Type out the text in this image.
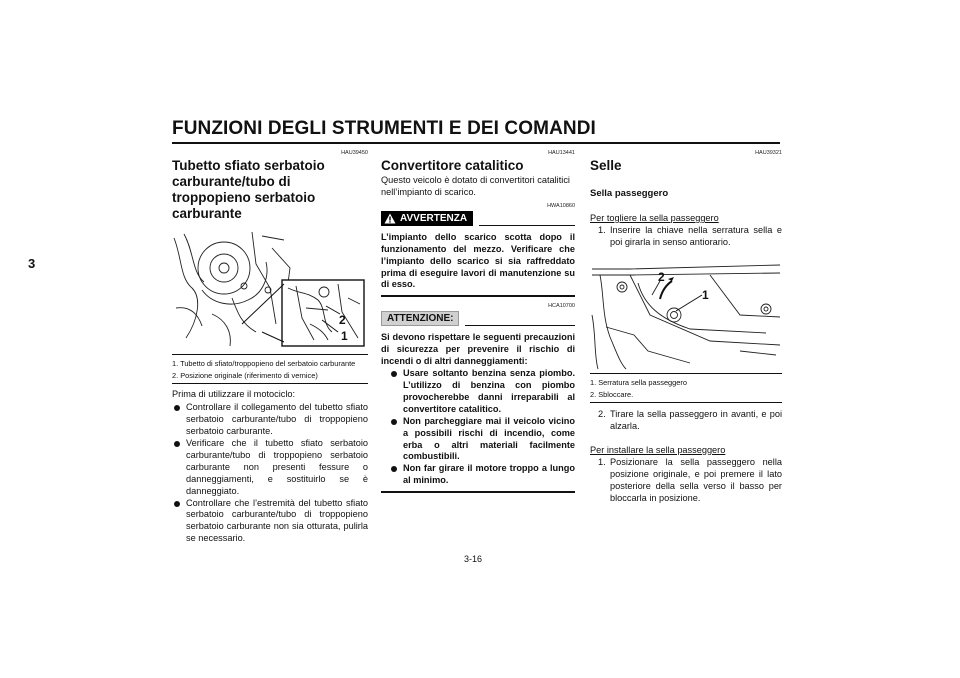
FUNZIONI DEGLI STRUMENTI E DEI COMANDI
3
HAU39450
Tubetto sfiato serbatoio carburante/tubo di troppopieno serbatoio carburante
1
2
1. Tubetto di sfiato/troppopieno del serbatoio carburante
2. Posizione originale (riferimento di vernice)
Prima di utilizzare il motociclo:
Controllare il collegamento del tubetto sfiato serbatoio carburante/tubo di troppopieno serbatoio carburante.
Verificare che il tubetto sfiato serbatoio carburante/tubo di troppopieno serbatoio carburante non presenti fessure o danneggiamenti, e sostituirlo se è danneggiato.
Controllare che l’estremità del tubetto sfiato serbatoio carburante/tubo di troppopieno serbatoio carburante non sia otturata, pulirla se necessario.
HAU13441
Convertitore catalitico
Questo veicolo è dotato di convertitori catalitici nell’impianto di scarico.
HWA10860
AVVERTENZA
L’impianto dello scarico scotta dopo il funzionamento del mezzo. Verificare che l’impianto dello scarico si sia raffreddato prima di eseguire lavori di manutenzione su di esso.
HCA10700
ATTENZIONE:
Si devono rispettare le seguenti precauzioni di sicurezza per prevenire il rischio di incendi o di altri danneggiamenti:
Usare soltanto benzina senza piombo. L’utilizzo di benzina con piombo provocherebbe danni irreparabili al convertitore catalitico.
Non parcheggiare mai il veicolo vicino a possibili rischi di incendio, come erba o altri materiali facilmente combustibili.
Non far girare il motore troppo a lungo al minimo.
HAU39321
Selle
Sella passeggero
Per togliere la sella passeggero
1. Inserire la chiave nella serratura sella e poi girarla in senso antiorario.
2
1
1. Serratura sella passeggero
2. Sbloccare.
2. Tirare la sella passeggero in avanti, e poi alzarla.
Per installare la sella passeggero
1. Posizionare la sella passeggero nella posizione originale, e poi premere il lato posteriore della sella verso il basso per bloccarla in posizione.
3-16
